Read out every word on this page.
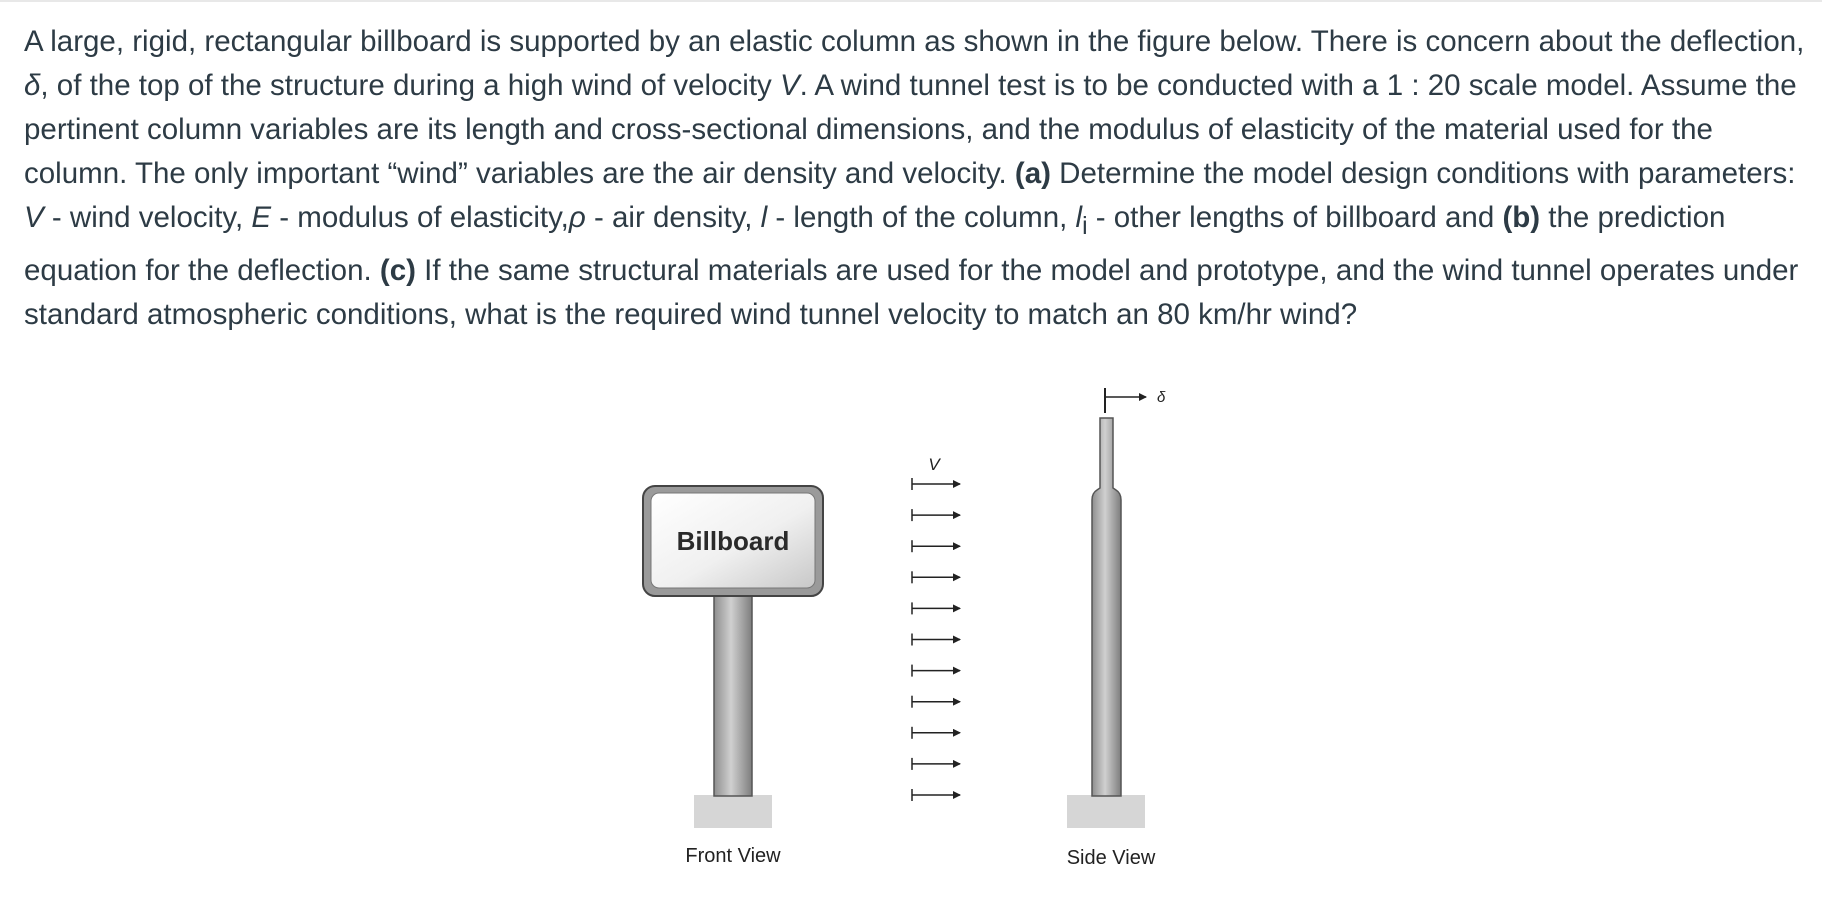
A large, rigid, rectangular billboard is supported by an elastic column as shown in the figure below. There is concern about the deflection, δ, of the top of the structure during a high wind of velocity V. A wind tunnel test is to be conducted with a 1 : 20 scale model. Assume the pertinent column variables are its length and cross-sectional dimensions, and the modulus of elasticity of the material used for the column. The only important “wind” variables are the air density and velocity. (a) Determine the model design conditions with parameters: V - wind velocity, E - modulus of elasticity,ρ - air density, l - length of the column, $l_i$ - other lengths of billboard and (b) the prediction equation for the deflection. (c) If the same structural materials are used for the model and prototype, and the wind tunnel operates under standard atmospheric conditions, what is the required wind tunnel velocity to match an 80 km/hr wind?

Billboard
Front View
V
δ
Side View
